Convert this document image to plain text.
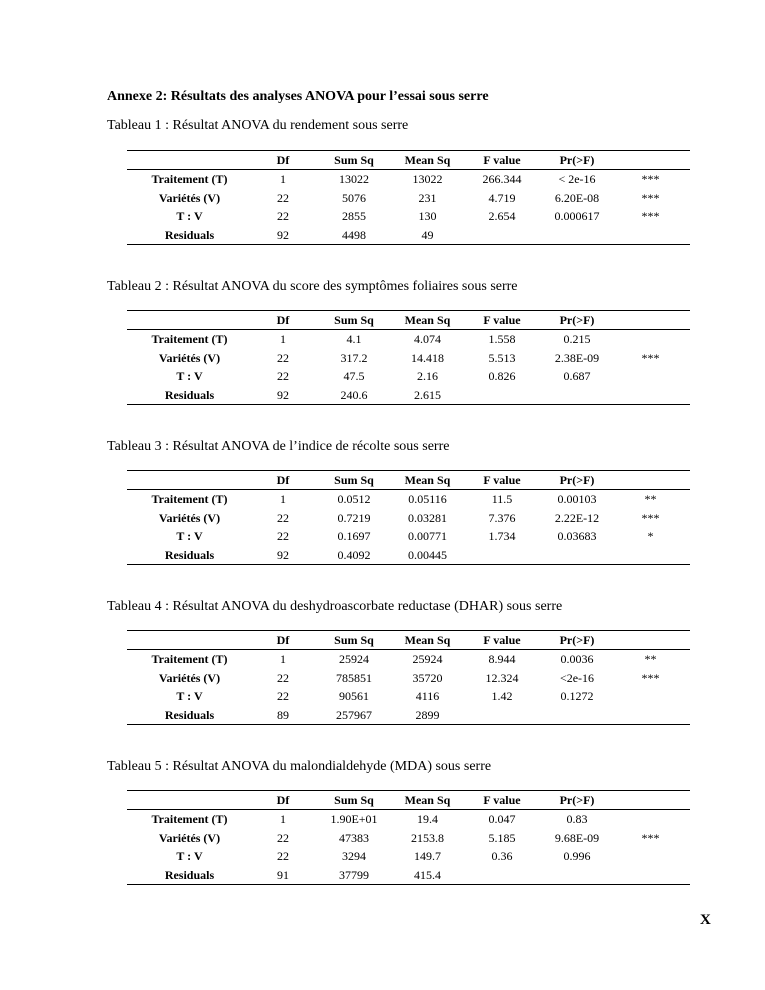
Annexe 2: Résultats des analyses ANOVA pour l’essai sous serre
Tableau 1 : Résultat ANOVA du rendement sous serre
	Df	Sum Sq	Mean Sq	F value	Pr(>F)	
Traitement (T)	1	13022	13022	266.344	< 2e-16	***
Variétés (V)	22	5076	231	4.719	6.20E-08	***
T : V	22	2855	130	2.654	0.000617	***
Residuals	92	4498	49			
Tableau 2 : Résultat ANOVA du score des symptômes foliaires sous serre
	Df	Sum Sq	Mean Sq	F value	Pr(>F)	
Traitement (T)	1	4.1	4.074	1.558	0.215	
Variétés (V)	22	317.2	14.418	5.513	2.38E-09	***
T : V	22	47.5	2.16	0.826	0.687	
Residuals	92	240.6	2.615			
Tableau 3 : Résultat ANOVA de l’indice de récolte sous serre
	Df	Sum Sq	Mean Sq	F value	Pr(>F)	
Traitement (T)	1	0.0512	0.05116	11.5	0.00103	**
Variétés (V)	22	0.7219	0.03281	7.376	2.22E-12	***
T : V	22	0.1697	0.00771	1.734	0.03683	*
Residuals	92	0.4092	0.00445			
Tableau 4 : Résultat ANOVA du deshydroascorbate reductase (DHAR) sous serre
	Df	Sum Sq	Mean Sq	F value	Pr(>F)	
Traitement (T)	1	25924	25924	8.944	0.0036	**
Variétés (V)	22	785851	35720	12.324	<2e-16	***
T : V	22	90561	4116	1.42	0.1272	
Residuals	89	257967	2899			
Tableau 5 : Résultat ANOVA du malondialdehyde (MDA) sous serre
	Df	Sum Sq	Mean Sq	F value	Pr(>F)	
Traitement (T)	1	1.90E+01	19.4	0.047	0.83	
Variétés (V)	22	47383	2153.8	5.185	9.68E-09	***
T : V	22	3294	149.7	0.36	0.996	
Residuals	91	37799	415.4			
X
